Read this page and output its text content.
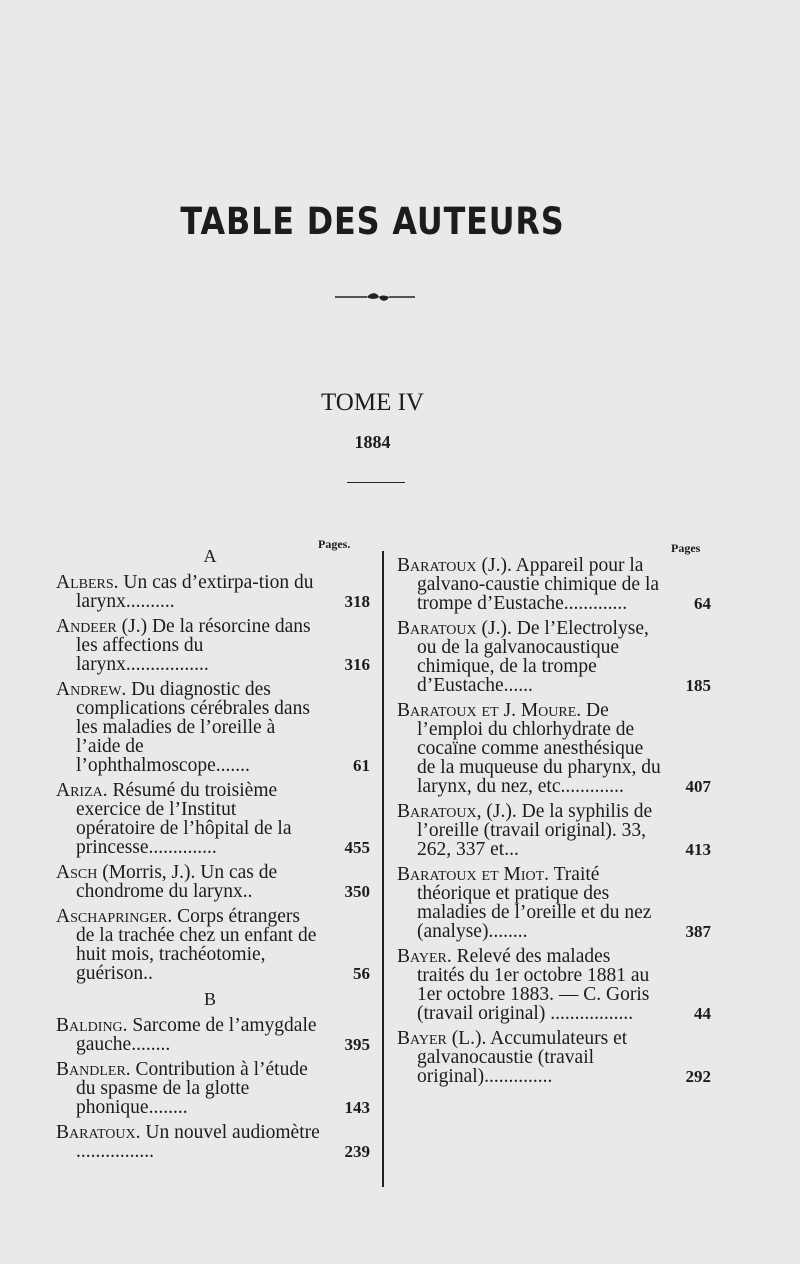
TABLE DES AUTEURS
TOME IV
1884
Pages.	Pages
A
Albers. Un cas d’extirpa-tion du larynx..........	318
Andeer (J.) De la résorcine dans les affections du larynx.................	316
Andrew. Du diagnostic des complications cérébrales dans les maladies de l’oreille à l’aide de l’ophthalmoscope.......	61
Ariza. Résumé du troisième exercice de l’Institut opératoire de l’hôpital de la princesse..............	455
Asch (Morris, J.). Un cas de chondrome du larynx..	350
Aschapringer. Corps étrangers de la trachée chez un enfant de huit mois, trachéotomie, guérison..	56
B
Balding. Sarcome de l’amygdale gauche........	395
Bandler. Contribution à l’étude du spasme de la glotte phonique........	143
Baratoux. Un nouvel audiomètre ................	239
Baratoux (J.). Appareil pour la galvano-caustie chimique de la trompe d’Eustache.............	64
Baratoux (J.). De l’Electrolyse, ou de la galvanocaustique chimique, de la trompe d’Eustache......	185
Baratoux et J. Moure. De l’emploi du chlorhydrate de cocaïne comme anesthésique de la muqueuse du pharynx, du larynx, du nez, etc.............	407
Baratoux, (J.). De la syphilis de l’oreille (travail original). 33, 262, 337 et...	413
Baratoux et Miot. Traité théorique et pratique des maladies de l’oreille et du nez (analyse)........	387
Bayer. Relevé des malades traités du 1er octobre 1881 au 1er octobre 1883. — C. Goris (travail original) .................	44
Bayer (L.). Accumulateurs et galvanocaustie (travail original)..............	292
